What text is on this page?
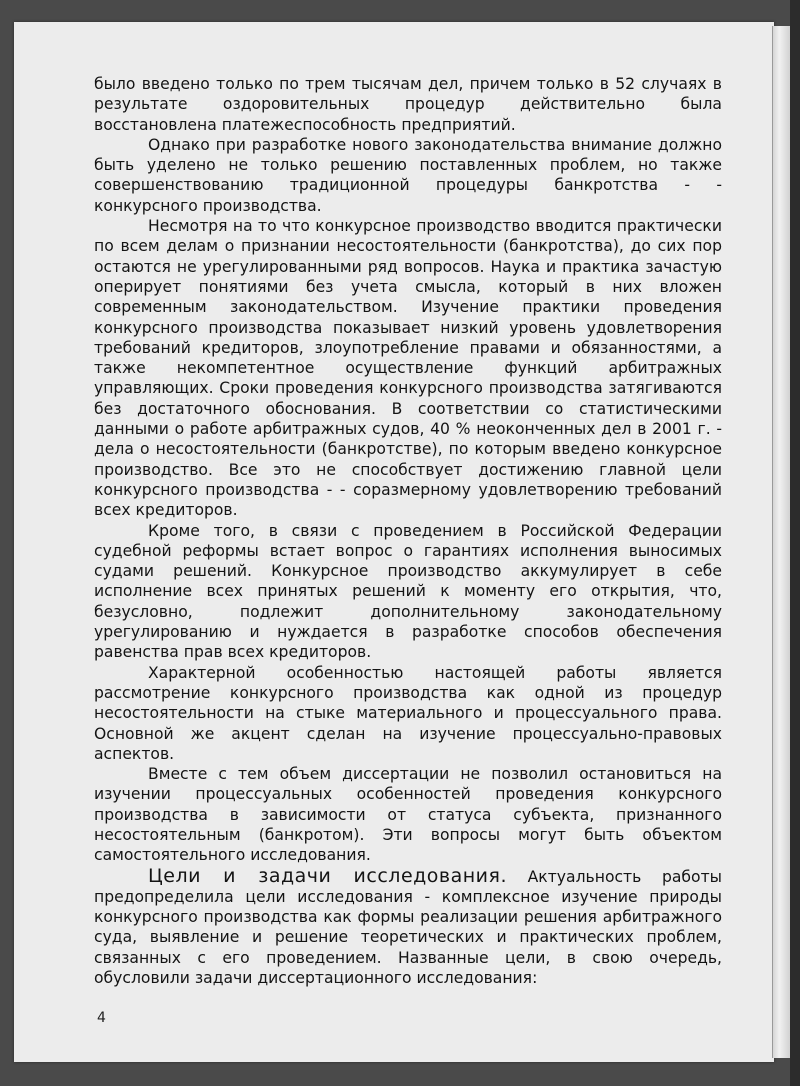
было введено только по трем тысячам дел, причем только в 52 случаях в результате оздоровительных процедур действительно была восстановлена платежеспособность предприятий.

Однако при разработке нового законодательства внимание должно быть уделено не только решению поставленных проблем, но также совершенствованию традиционной процедуры банкротства - - конкурсного производства.

Несмотря на то что конкурсное производство вводится практически по всем делам о признании несостоятельности (банкротства), до сих пор остаются не урегулированными ряд вопросов. Наука и практика зачастую оперирует понятиями без учета смысла, который в них вложен современным законодательством. Изучение практики проведения конкурсного производства показывает низкий уровень удовлетворения требований кредиторов, злоупотребление правами и обязанностями, а также некомпетентное осуществление функций арбитражных управляющих. Сроки проведения конкурсного производства затягиваются без достаточного обоснования. В соответствии со статистическими данными о работе арбитражных судов, 40 % неоконченных дел в 2001 г. - дела о несостоятельности (банкротстве), по которым введено конкурсное производство. Все это не способствует достижению главной цели конкурсного производства - - соразмерному удовлетворению требований всех кредиторов.

Кроме того, в связи с проведением в Российской Федерации судебной реформы встает вопрос о гарантиях исполнения выносимых судами решений. Конкурсное производство аккумулирует в себе исполнение всех принятых решений к моменту его открытия, что, безусловно, подлежит дополнительному законодательному урегулированию и нуждается в разработке способов обеспечения равенства прав всех кредиторов.

Характерной особенностью настоящей работы является рассмотрение конкурсного производства как одной из процедур несостоятельности на стыке материального и процессуального права. Основной же акцент сделан на изучение процессуально-правовых аспектов.

Вместе с тем объем диссертации не позволил остановиться на изучении процессуальных особенностей проведения конкурсного производства в зависимости от статуса субъекта, признанного несостоятельным (банкротом). Эти вопросы могут быть объектом самостоятельного исследования.

Цели и задачи исследования. Актуальность работы предопределила цели исследования - комплексное изучение природы конкурсного производства как формы реализации решения арбитражного суда, выявление и решение теоретических и практических проблем, связанных с его проведением. Названные цели, в свою очередь, обусловили задачи диссертационного исследования:

4
